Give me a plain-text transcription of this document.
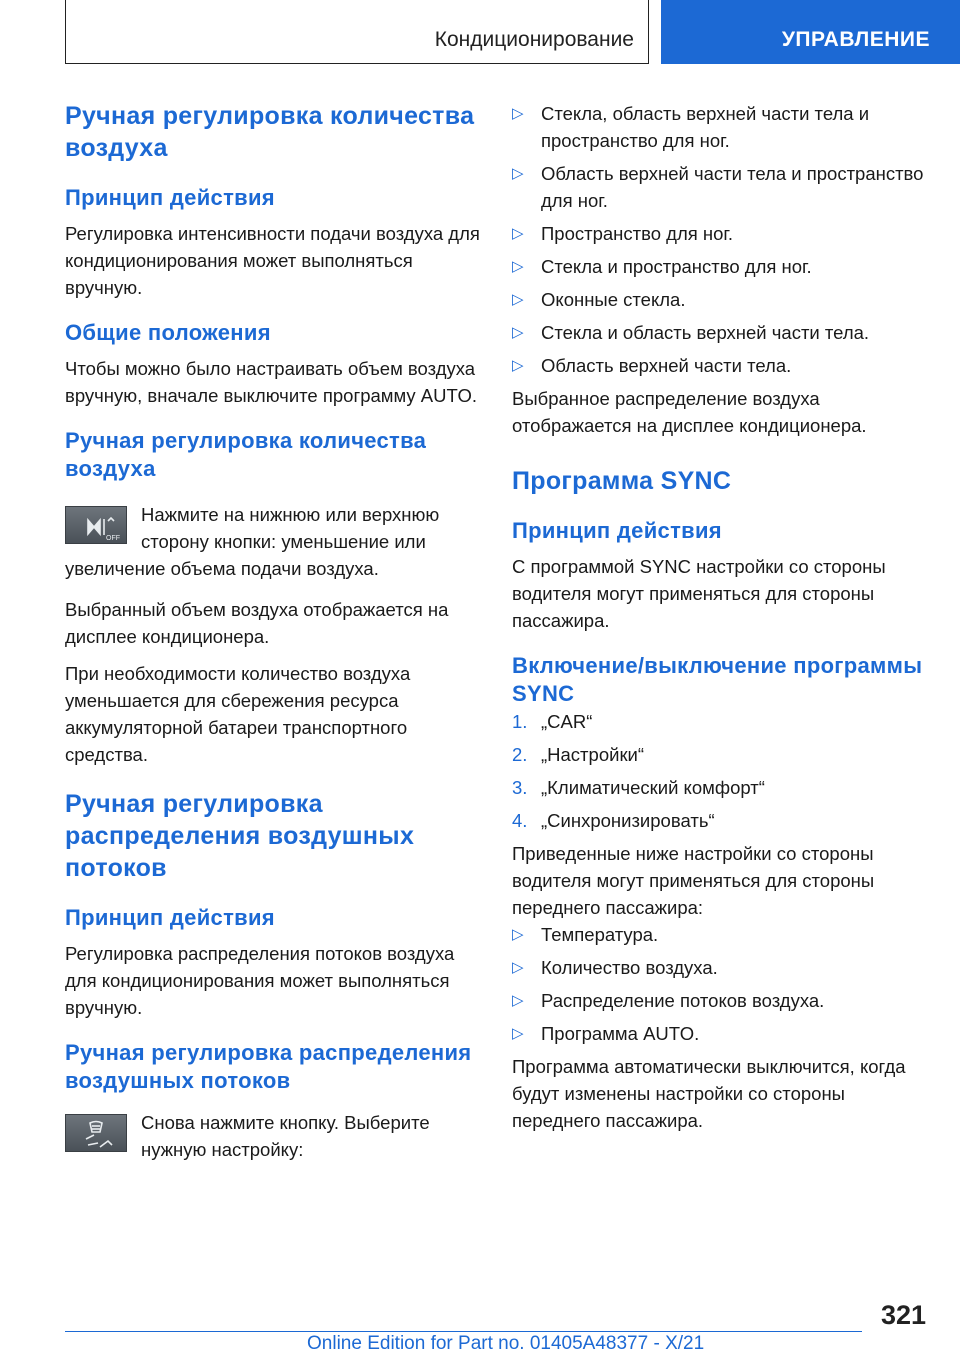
Кондиционирование	УПРАВЛЕНИЕ
Ручная регулировка количества воздуха
Принцип действия

Регулировка интенсивности подачи воздуха для кондиционирования может выполняться вручную.

Общие положения

Чтобы можно было настраивать объем воздуха вручную, вначале выключите программу AUTO.

Ручная регулировка количества воздуха
OFF

Нажмите на нижнюю или верхнюю сторону кнопки: уменьшение или увеличение объема подачи воздуха.

Выбранный объем воздуха отображается на дисплее кондиционера.

При необходимости количество воздуха уменьшается для сбережения ресурса аккумуляторной батареи транспортного средства.

Ручная регулировка распределения воздушных потоков
Принцип действия

Регулировка распределения потоков воздуха для кондиционирования может выполняться вручную.

Ручная регулировка распределения воздушных потоков

Снова нажмите кнопку. Выберите нужную настройку:

▷ Стекла, область верхней части тела и пространство для ног.
▷ Область верхней части тела и пространство для ног.
▷ Пространство для ног.
▷ Стекла и пространство для ног.
▷ Оконные стекла.
▷ Стекла и область верхней части тела.
▷ Область верхней части тела.

Выбранное распределение воздуха отображается на дисплее кондиционера.

Программа SYNC
Принцип действия

С программой SYNC настройки со стороны водителя могут применяться для стороны пассажира.

Включение/выключение программы SYNC
1. „CAR“
2. „Настройки“
3. „Климатический комфорт“
4. „Синхронизировать“

Приведенные ниже настройки со стороны водителя могут применяться для стороны переднего пассажира:

▷ Температура.
▷ Количество воздуха.
▷ Распределение потоков воздуха.
▷ Программа AUTO.

Программа автоматически выключится, когда будут изменены настройки со стороны переднего пассажира.

321
Online Edition for Part no. 01405A48377 - X/21
